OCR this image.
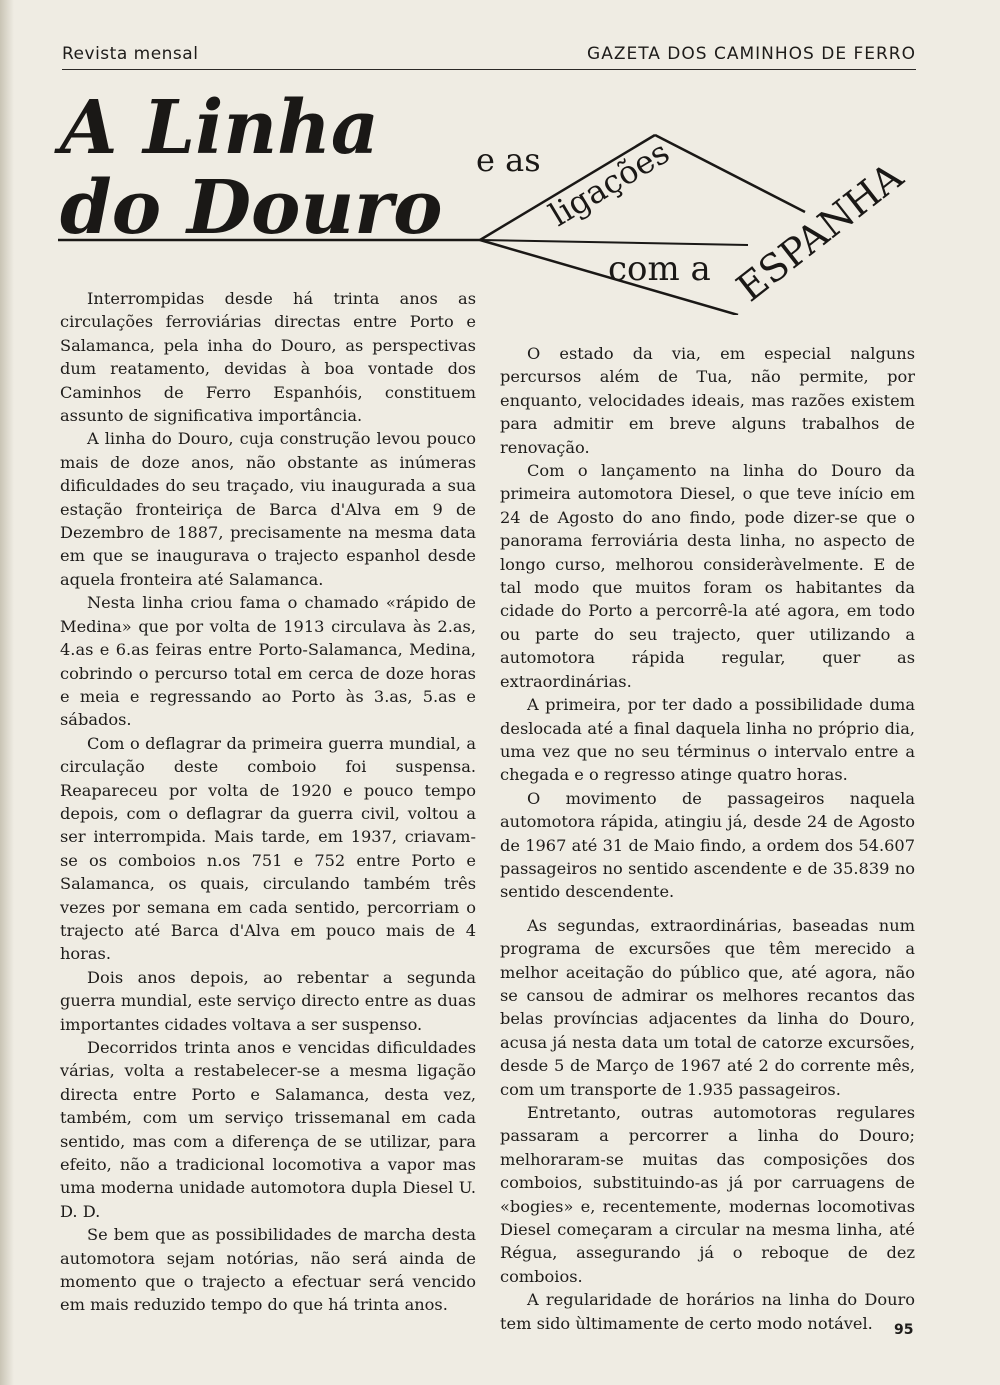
Revista mensal	GAZETA DOS CAMINHOS DE FERRO
A Linha
do Douro
e as ligações
com a ESPANHA

Interrompidas desde há trinta anos as circulações ferroviárias directas entre Porto e Salamanca, pela inha do Douro, as perspectivas dum reatamento, devidas à boa vontade dos Caminhos de Ferro Espanhóis, constituem assunto de significativa importância.

A linha do Douro, cuja construção levou pouco mais de doze anos, não obstante as inúmeras dificuldades do seu traçado, viu inaugurada a sua estação fronteiriça de Barca d'Alva em 9 de Dezembro de 1887, precisamente na mesma data em que se inaugurava o trajecto espanhol desde aquela fronteira até Salamanca.

Nesta linha criou fama o chamado «rápido de Medina» que por volta de 1913 circulava às 2.as, 4.as e 6.as feiras entre Porto-Salamanca, Medina, cobrindo o percurso total em cerca de doze horas e meia e regressando ao Porto às 3.as, 5.as e sábados.

Com o deflagrar da primeira guerra mundial, a circulação deste comboio foi suspensa. Reapareceu por volta de 1920 e pouco tempo depois, com o deflagrar da guerra civil, voltou a ser interrompida. Mais tarde, em 1937, criavam-se os comboios n.os 751 e 752 entre Porto e Salamanca, os quais, circulando também três vezes por semana em cada sentido, percorriam o trajecto até Barca d'Alva em pouco mais de 4 horas.

Dois anos depois, ao rebentar a segunda guerra mundial, este serviço directo entre as duas importantes cidades voltava a ser suspenso.

Decorridos trinta anos e vencidas dificuldades várias, volta a restabelecer-se a mesma ligação directa entre Porto e Salamanca, desta vez, também, com um serviço trissemanal em cada sentido, mas com a diferença de se utilizar, para efeito, não a tradicional locomotiva a vapor mas uma moderna unidade automotora dupla Diesel U. D. D.

Se bem que as possibilidades de marcha desta automotora sejam notórias, não será ainda de momento que o trajecto a efectuar será vencido em mais reduzido tempo do que há trinta anos.

O estado da via, em especial nalguns percursos além de Tua, não permite, por enquanto, velocidades ideais, mas razões existem para admitir em breve alguns trabalhos de renovação.

Com o lançamento na linha do Douro da primeira automotora Diesel, o que teve início em 24 de Agosto do ano findo, pode dizer-se que o panorama ferroviária desta linha, no aspecto de longo curso, melhorou consideràvelmente. E de tal modo que muitos foram os habitantes da cidade do Porto a percorrê-la até agora, em todo ou parte do seu trajecto, quer utilizando a automotora rápida regular, quer as extraordinárias.

A primeira, por ter dado a possibilidade duma deslocada até a final daquela linha no próprio dia, uma vez que no seu términus o intervalo entre a chegada e o regresso atinge quatro horas.

O movimento de passageiros naquela automotora rápida, atingiu já, desde 24 de Agosto de 1967 até 31 de Maio findo, a ordem dos 54.607 passageiros no sentido ascendente e de 35.839 no sentido descendente.

As segundas, extraordinárias, baseadas num programa de excursões que têm merecido a melhor aceitação do público que, até agora, não se cansou de admirar os melhores recantos das belas províncias adjacentes da linha do Douro, acusa já nesta data um total de catorze excursões, desde 5 de Março de 1967 até 2 do corrente mês, com um transporte de 1.935 passageiros.

Entretanto, outras automotoras regulares passaram a percorrer a linha do Douro; melhoraram-se muitas das composições dos comboios, substituindo-as já por carruagens de «bogies» e, recentemente, modernas locomotivas Diesel começaram a circular na mesma linha, até Régua, assegurando já o reboque de dez comboios.

A regularidade de horários na linha do Douro tem sido ùltimamente de certo modo notável.	95
